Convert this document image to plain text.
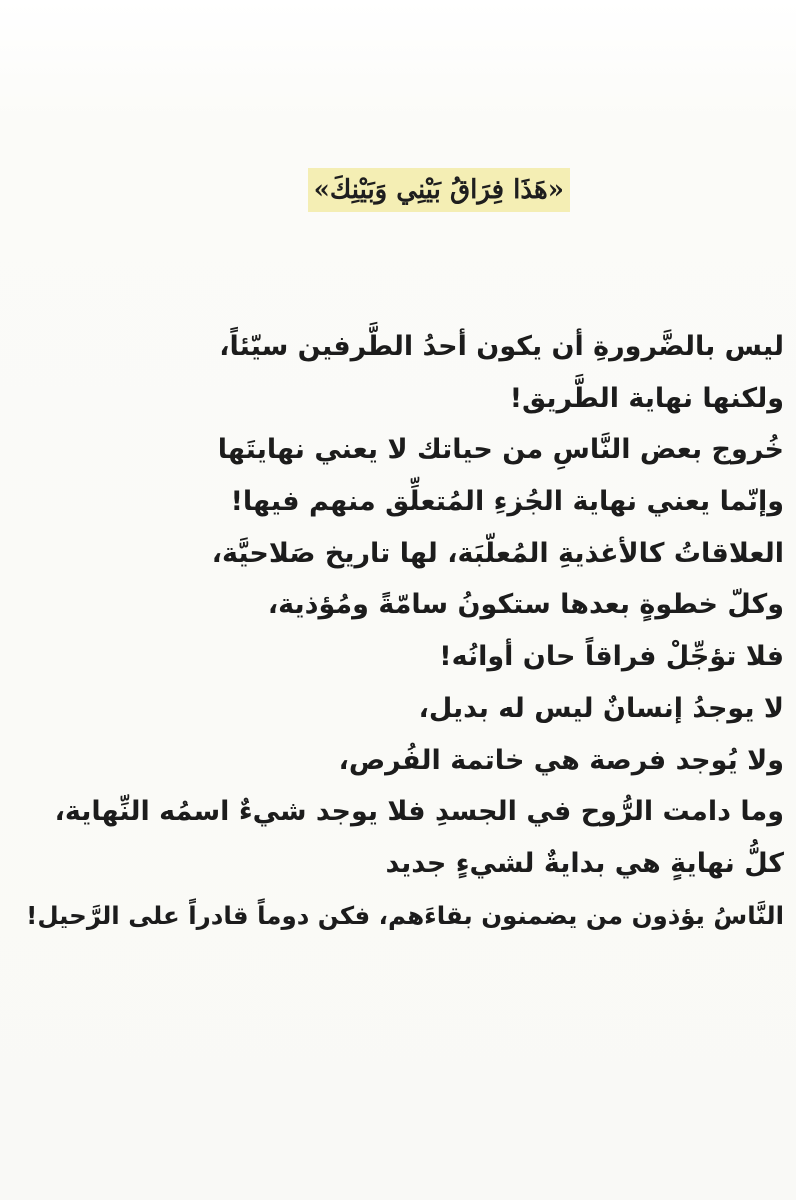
«هَذَا فِرَاقُ بَيْنِي وَبَيْنِكَ»
ليس بالضَّرورةِ أن يكون أحدُ الطَّرفين سيّئاً،
ولكنها نهاية الطَّريق!
خُروج بعض النَّاسِ من حياتك لا يعني نهايتَها
وإنّما يعني نهاية الجُزءِ المُتعلِّق منهم فيها!
العلاقاتُ كالأغذيةِ المُعلّبَة، لها تاريخ صَلاحيَّة،
وكلّ خطوةٍ بعدها ستكونُ سامّةً ومُؤذية،
فلا تؤجِّلْ فراقاً حان أوانُه!
لا يوجدُ إنسانٌ ليس له بديل،
ولا يُوجد فرصة هي خاتمة الفُرص،
وما دامت الرُّوح في الجسدِ فلا يوجد شيءٌ اسمُه النِّهاية،
كلُّ نهايةٍ هي بدايةٌ لشيءٍ جديد
النَّاسُ يؤذون من يضمنون بقاءَهم، فكن دوماً قادراً على الرَّحيل!
